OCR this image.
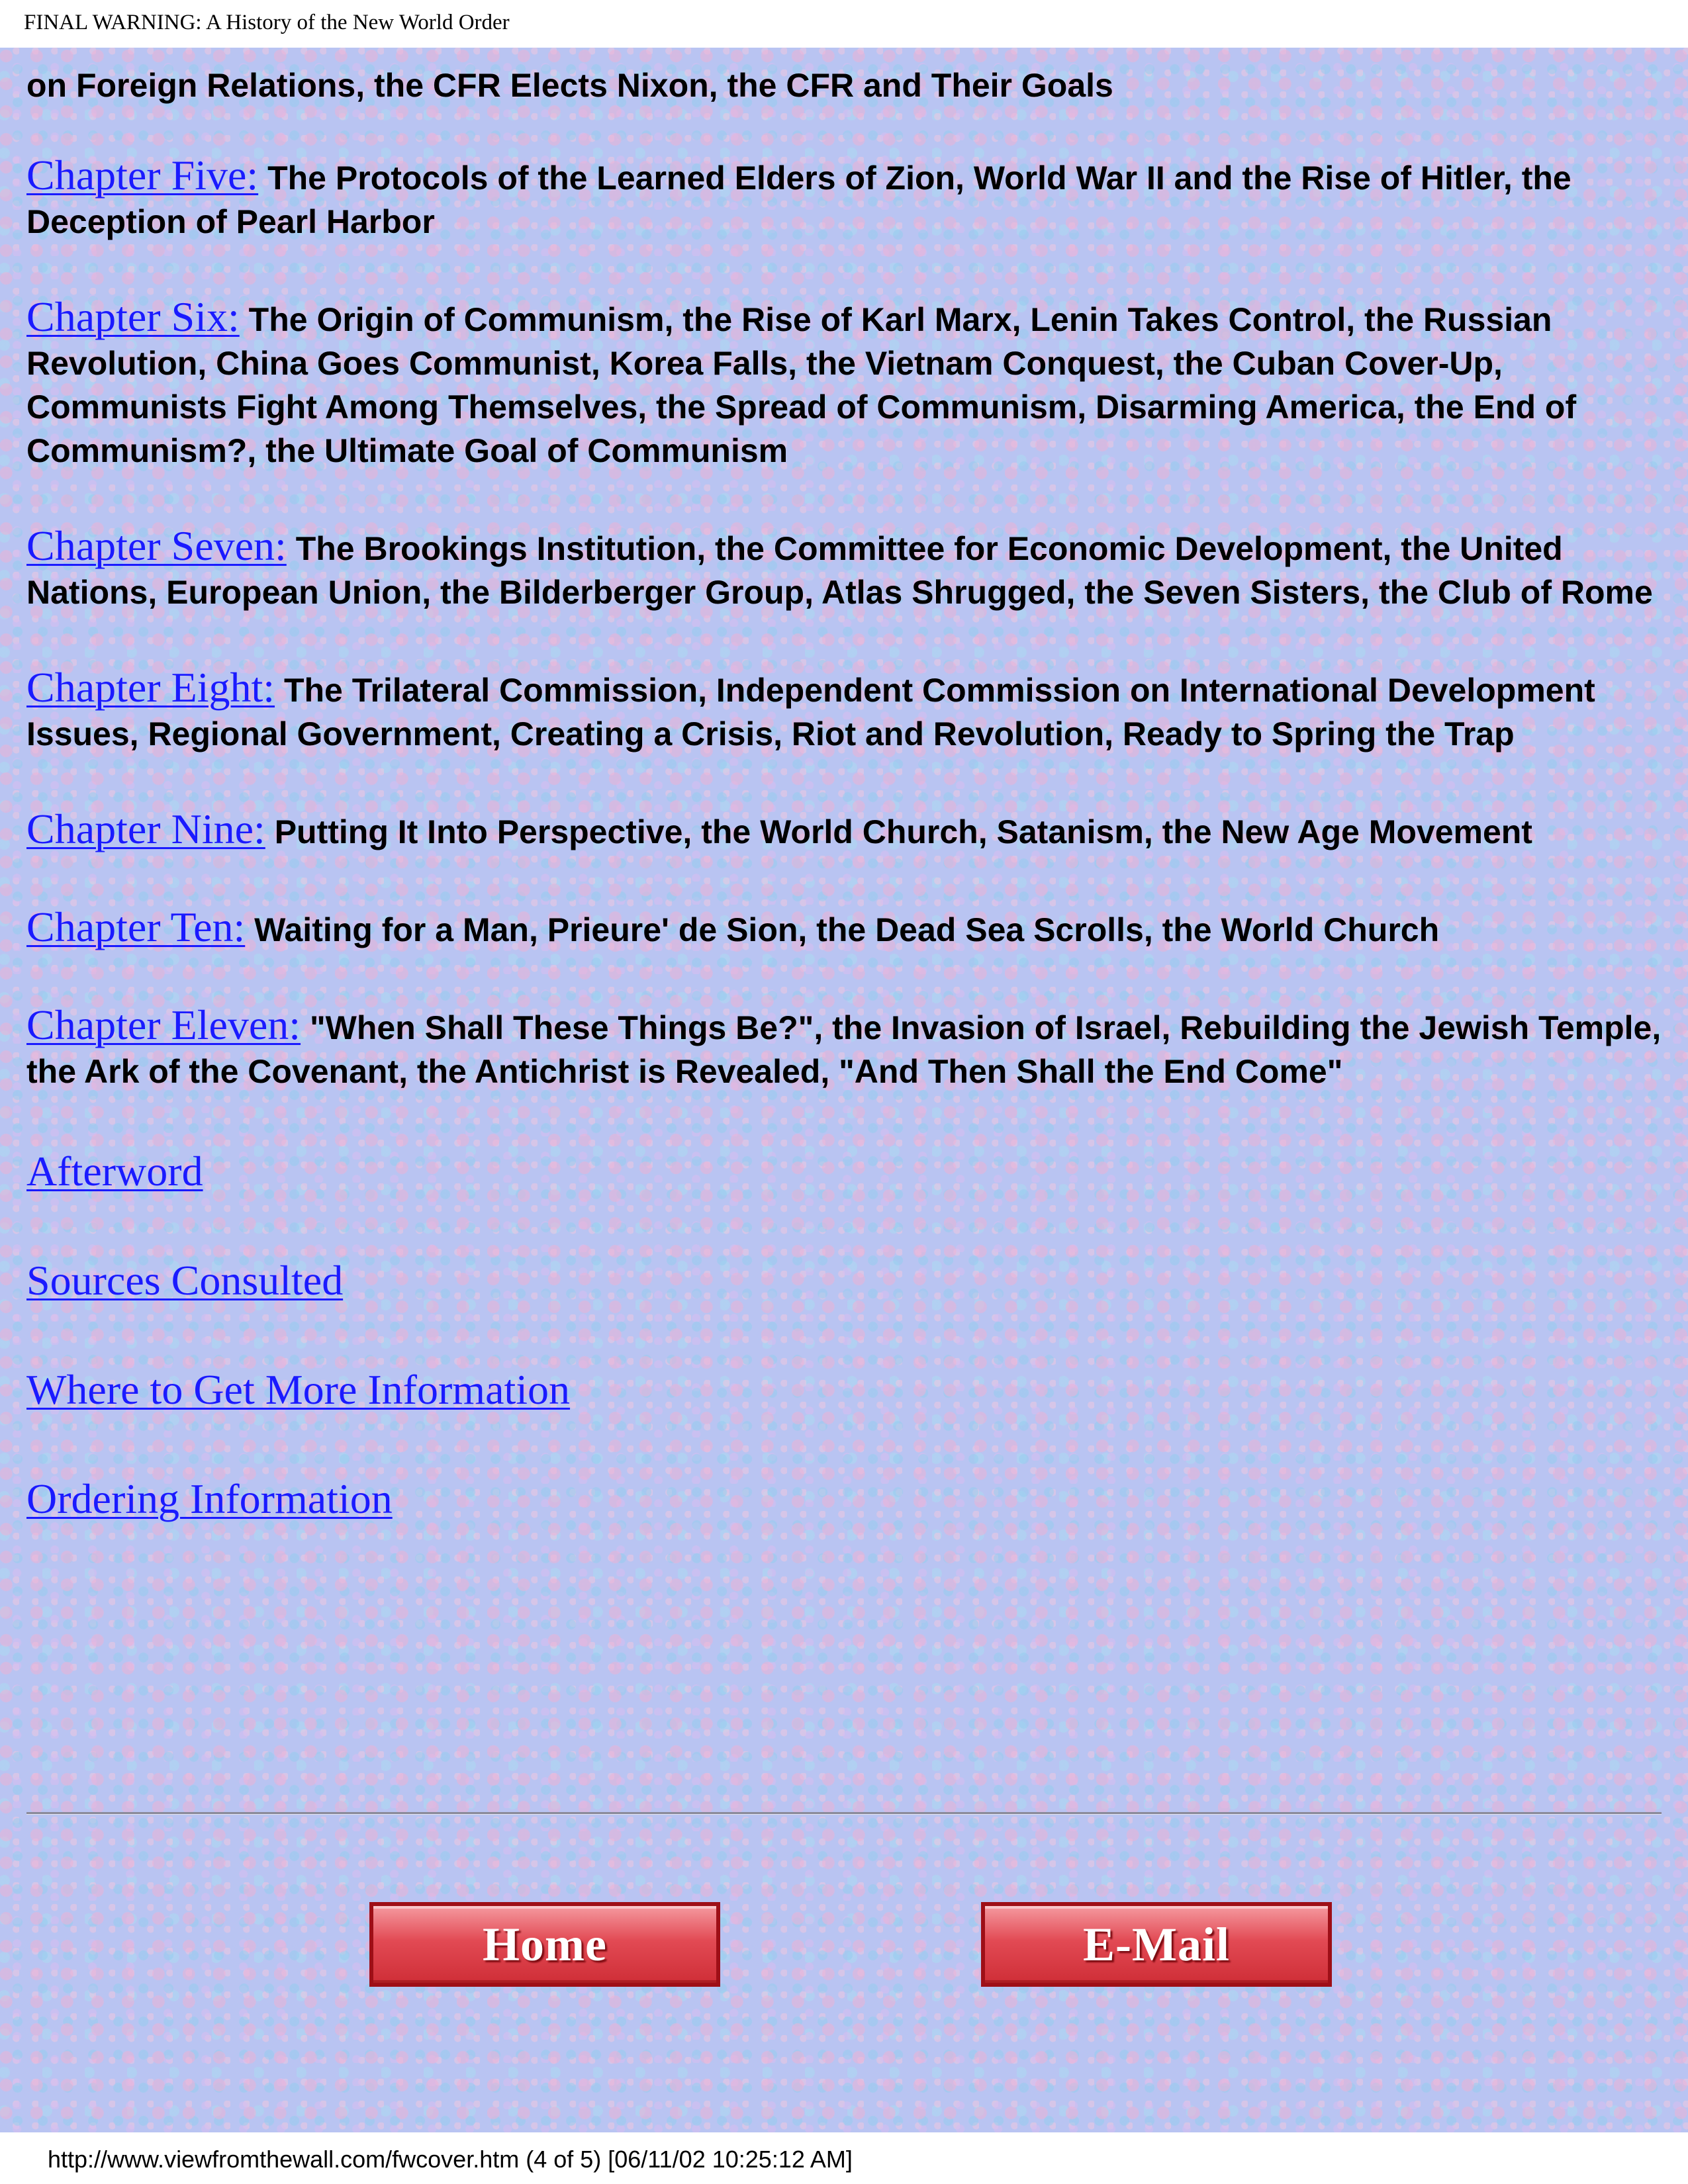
FINAL WARNING: A History of the New World Order

on Foreign Relations, the CFR Elects Nixon, the CFR and Their Goals

Chapter Five: The Protocols of the Learned Elders of Zion, World War II and the Rise of Hitler, the Deception of Pearl Harbor

Chapter Six: The Origin of Communism, the Rise of Karl Marx, Lenin Takes Control, the Russian Revolution, China Goes Communist, Korea Falls, the Vietnam Conquest, the Cuban Cover-Up, Communists Fight Among Themselves, the Spread of Communism, Disarming America, the End of Communism?, the Ultimate Goal of Communism

Chapter Seven: The Brookings Institution, the Committee for Economic Development, the United Nations, European Union, the Bilderberger Group, Atlas Shrugged, the Seven Sisters, the Club of Rome

Chapter Eight: The Trilateral Commission, Independent Commission on International Development Issues, Regional Government, Creating a Crisis, Riot and Revolution, Ready to Spring the Trap

Chapter Nine: Putting It Into Perspective, the World Church, Satanism, the New Age Movement

Chapter Ten: Waiting for a Man, Prieure' de Sion, the Dead Sea Scrolls, the World Church

Chapter Eleven: "When Shall These Things Be?", the Invasion of Israel, Rebuilding the Jewish Temple, the Ark of the Covenant, the Antichrist is Revealed, "And Then Shall the End Come"

Afterword
Sources Consulted
Where to Get More Information
Ordering Information
Home	E-Mail
http://www.viewfromthewall.com/fwcover.htm (4 of 5) [06/11/02 10:25:12 AM]
